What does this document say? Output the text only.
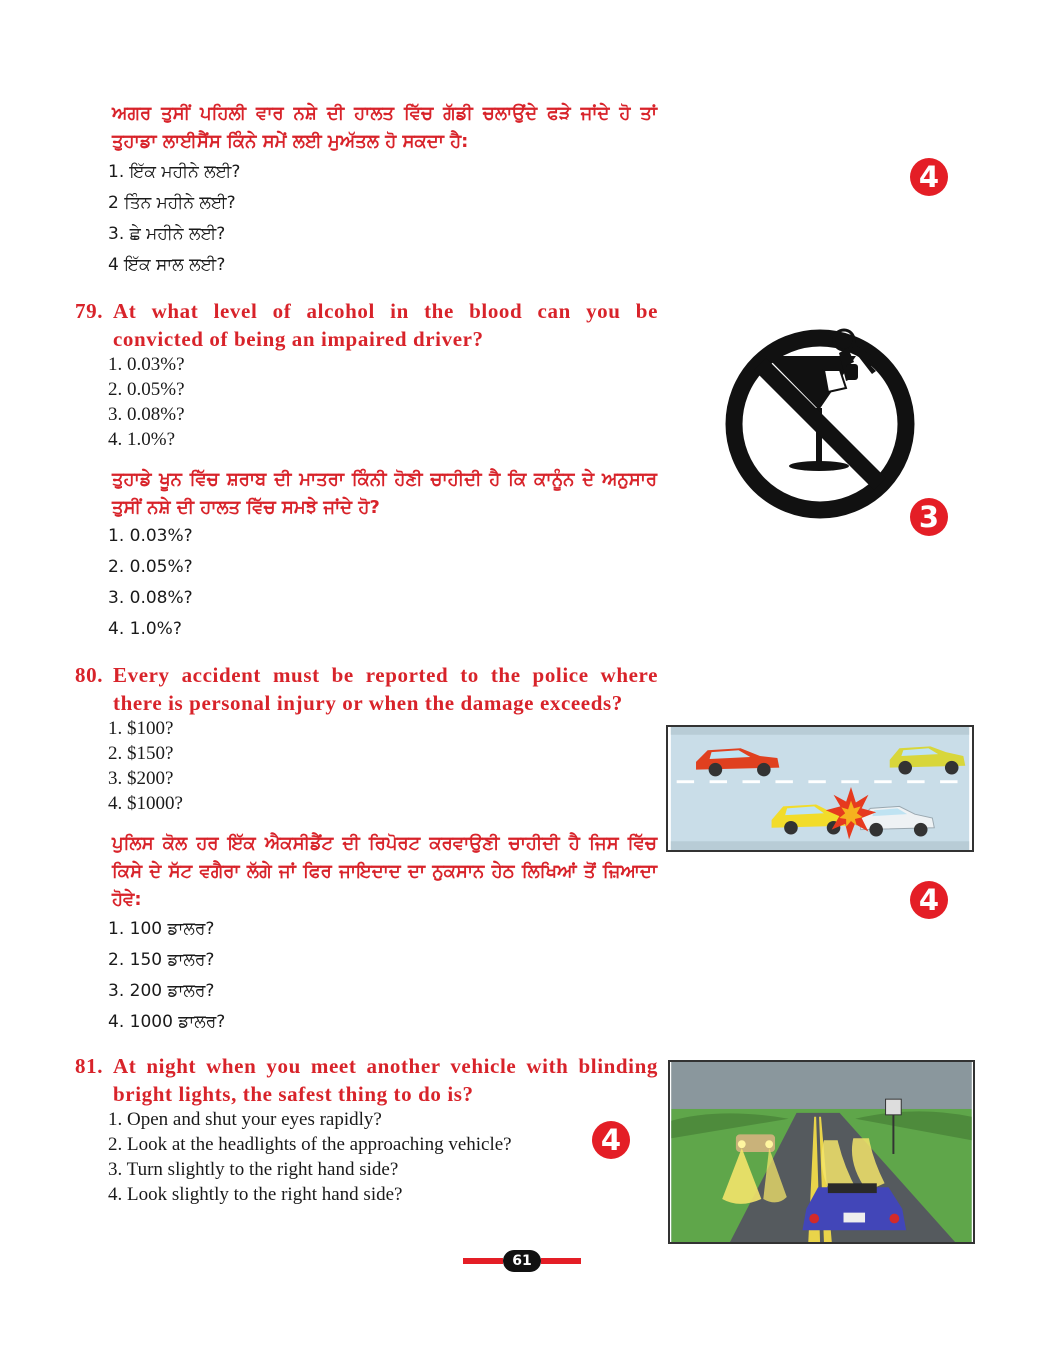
ਅਗਰ ਤੁਸੀਂ ਪਹਿਲੀ ਵਾਰ ਨਸ਼ੇ ਦੀ ਹਾਲਤ ਵਿੱਚ ਗੱਡੀ ਚਲਾਉਂਦੇ ਫੜੇ ਜਾਂਦੇ ਹੋ ਤਾਂ ਤੁਹਾਡਾ ਲਾਈਸੈਂਸ ਕਿੰਨੇ ਸਮੇਂ ਲਈ ਮੁਅੱਤਲ ਹੋ ਸਕਦਾ ਹੈ:
1. ਇੱਕ ਮਹੀਨੇ ਲਈ?
2 ਤਿੰਨ ਮਹੀਨੇ ਲਈ?
3. ਛੇ ਮਹੀਨੇ ਲਈ?
4 ਇੱਕ ਸਾਲ ਲਈ?
4
79. At what level of alcohol in the blood can you be convicted of being an impaired driver?
1. 0.03%?
2. 0.05%?
3. 0.08%?
4. 1.0%?
ਤੁਹਾਡੇ ਖੂਨ ਵਿੱਚ ਸ਼ਰਾਬ ਦੀ ਮਾਤਰਾ ਕਿੰਨੀ ਹੋਣੀ ਚਾਹੀਦੀ ਹੈ ਕਿ ਕਾਨੂੰਨ ਦੇ ਅਨੁਸਾਰ ਤੁਸੀਂ ਨਸ਼ੇ ਦੀ ਹਾਲਤ ਵਿੱਚ ਸਮਝੇ ਜਾਂਦੇ ਹੋ?
1. 0.03%?
2. 0.05%?
3. 0.08%?
4. 1.0%?
3
80. Every accident must be reported to the police where there is personal injury or when the damage exceeds?
1. $100?
2. $150?
3. $200?
4. $1000?
ਪੁਲਿਸ ਕੋਲ ਹਰ ਇੱਕ ਐਕਸੀਡੈਂਟ ਦੀ ਰਿਪੋਰਟ ਕਰਵਾਉਣੀ ਚਾਹੀਦੀ ਹੈ ਜਿਸ ਵਿੱਚ ਕਿਸੇ ਦੇ ਸੱਟ ਵਗੈਰਾ ਲੱਗੇ ਜਾਂ ਫਿਰ ਜਾਇਦਾਦ ਦਾ ਨੁਕਸਾਨ ਹੇਠ ਲਿਖਿਆਂ ਤੋਂ ਜ਼ਿਆਦਾ ਹੋਵੇ:
1. 100 ਡਾਲਰ?
2. 150 ਡਾਲਰ?
3. 200 ਡਾਲਰ?
4. 1000 ਡਾਲਰ?
4
81. At night when you meet another vehicle with blinding bright lights, the safest thing to do is?
1. Open and shut your eyes rapidly?
2. Look at the headlights of the approaching vehicle?
3. Turn slightly to the right hand side?
4. Look slightly to the right hand side?
4
61
